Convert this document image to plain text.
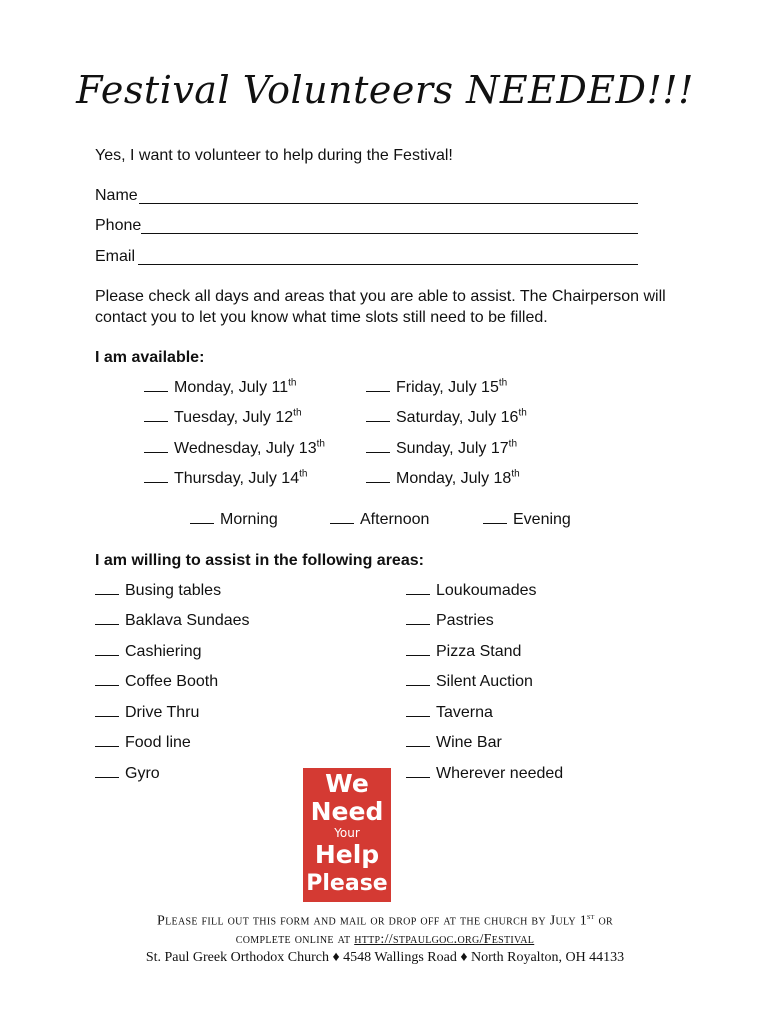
Festival Volunteers NEEDED!!!
Yes, I want to volunteer to help during the Festival!
Name
Phone
Email
Please check all days and areas that you are able to assist. The Chairperson will
contact you to let you know what time slots still need to be filled.
I am available:
Monday, July 11th
Tuesday, July 12th
Wednesday, July 13th
Thursday, July 14th
Friday, July 15th
Saturday, July 16th
Sunday, July 17th
Monday, July 18th
Morning	Afternoon	Evening
I am willing to assist in the following areas:
Busing tables
Baklava Sundaes
Cashiering
Coffee Booth
Drive Thru
Food line
Gyro
Loukoumades
Pastries
Pizza Stand
Silent Auction
Taverna
Wine Bar
Wherever needed
We
Need
Your
Help
Please
Please fill out this form and mail or drop off at the church by July 1st or
complete online at http://stpaulgoc.org/Festival
St. Paul Greek Orthodox Church ♦ 4548 Wallings Road ♦ North Royalton, OH 44133
